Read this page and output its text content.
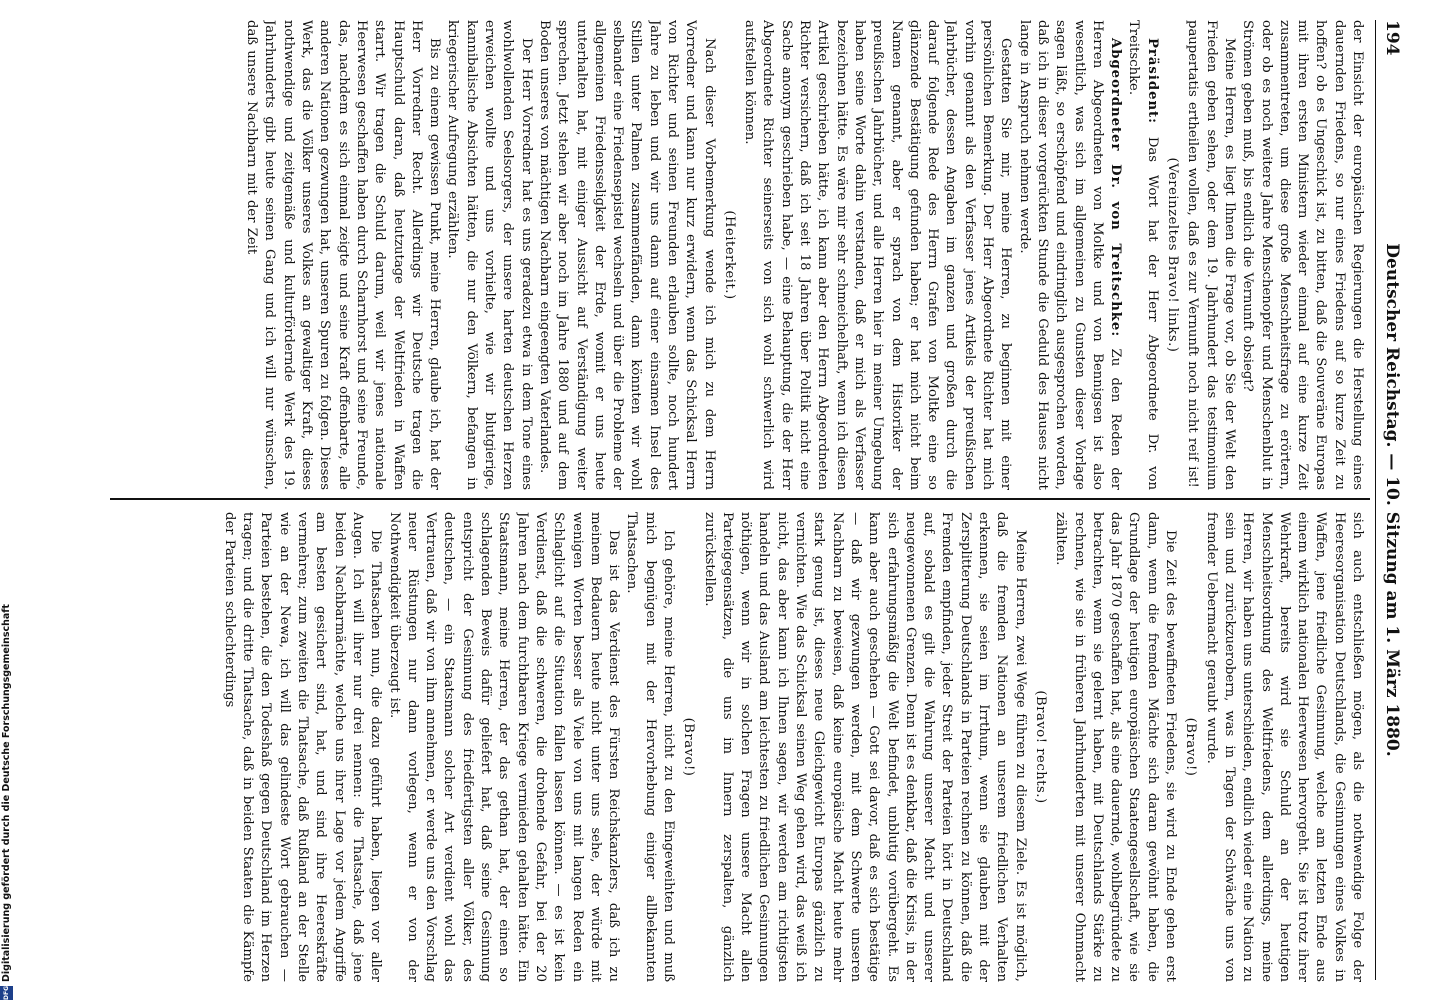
194
Deutscher Reichstag. — 10. Sitzung am 1. März 1880.

der Einsicht der europäischen Regierungen die Herstellung eines dauernden Friedens, so nur eines Friedens auf so kurze Zeit zu hoffen? ob es Ungeschick ist, zu bitten, daß die Souveräne Europas mit ihren ersten Ministern wieder einmal auf eine kurze Zeit zusammentreten, um diese große Menschheitsfrage zu erörtern, oder ob es noch weitere Jahre Menschenopfer und Menschenblut in Strömen geben muß, bis endlich die Vernunft obsiegt?

Meine Herren, es liegt Ihnen die Frage vor, ob Sie der Welt den Frieden geben sehen, oder dem 19. Jahrhundert das testimonium paupertatis ertheilen wollen, daß es zur Vernunft noch nicht reif ist!

(Vereinzeltes Bravo! links.)

Präsident: Das Wort hat der Herr Abgeordnete Dr. von Treitschke.

Abgeordneter Dr. von Treitschke: Zu den Reden der Herren Abgeordneten von Moltke und von Bennigsen ist also wesentlich, was sich im allgemeinen zu Gunsten dieser Vorlage sagen läßt, so erschöpfend und eindringlich ausgesprochen worden, daß ich in dieser vorgerückten Stunde die Geduld des Hauses nicht lange in Anspruch nehmen werde.

Gestatten Sie mir, meine Herren, zu beginnen mit einer persönlichen Bemerkung. Der Herr Abgeordnete Richter hat mich vorhin genannt als den Verfasser jenes Artikels der preußischen Jahrbücher, dessen Angaben im ganzen und großen durch die darauf folgende Rede des Herrn Grafen von Moltke eine so glänzende Bestätigung gefunden haben; er hat mich nicht beim Namen genannt, aber er sprach von dem Historiker der preußischen Jahrbücher, und alle Herren hier in meiner Umgebung haben seine Worte dahin verstanden, daß er mich als Verfasser bezeichnen hätte. Es wäre mir sehr schmeichelhaft, wenn ich diesen Artikel geschrieben hätte, ich kann aber den Herrn Abgeordneten Richter versichern, daß ich seit 18 Jahren über Politik nicht eine Sache anonym geschrieben habe, — eine Behauptung, die der Herr Abgeordnete Richter seinerseits von sich wohl schwerlich wird aufstellen können.

(Heiterkeit.)

Nach dieser Vorbemerkung wende ich mich zu dem Herrn Vorredner und kann nur kurz erwidern, wenn das Schicksal Herrn von Richter und seinen Freunden erlauben sollte, noch hundert Jahre zu leben und wir uns dann auf einer einsamen Insel des Stillen unter Palmen zusammenfänden, dann könnten wir wohl selbander eine Friedensepistel wechseln und über die Probleme der allgemeinen Friedensseligkeit der Erde, womit er uns heute unterhalten hat, mit einiger Aussicht auf Verständigung weiter sprechen. Jetzt stehen wir aber noch im Jahre 1880 und auf dem Boden unseres von mächtigen Nachbarn eingeengten Vaterlandes.

Der Herr Vorredner hat es uns geradezu etwa in dem Tone eines wohlwollenden Seelsorgers, der unsere harten deutschen Herzen erweichen wollte und uns vorhielte, wie wir blutgierige, kannibalische Absichten hätten, die nur den Völkern, befangen in kriegerischer Aufregung erzählten.

Bis zu einem gewissen Punkt, meine Herren, glaube ich, hat der Herr Vorredner Recht. Allerdings wir Deutsche tragen die Hauptschuld daran, daß heutzutage der Weltfrieden in Waffen starrt. Wir tragen die Schuld darum, weil wir jenes nationale Heerwesen geschaffen haben durch Scharnhorst und seine Freunde, das, nachdem es sich einmal zeigte und seine Kraft offenbarte, alle anderen Nationen gezwungen hat, unseren Spuren zu folgen. Dieses Werk, das die Völker unseres Volkes an gewaltiger Kraft, dieses nothwendige und zeitgemäße und kulturfördernde Werk des 19. Jahrhunderts gibt heute seinen Gang und ich will nur wünschen, daß unsere Nachbarn mit der Zeit

sich auch entschließen mögen, als die nothwendige Folge der Heeresorganisation Deutschlands, die Gesinnungen eines Volkes in Waffen, jene friedliche Gesinnung, welche am letzten Ende aus einem wirklich nationalen Heerwesen hervorgeht. Sie ist trotz ihrer Wehrkraft, bereits wird sie Schuld an der heutigen Menschheitsordnung des Weltfriedens, dem allerdings, meine Herren, wir haben uns unterschieden, endlich wieder eine Nation zu sein und zurückzuerobern, was in Tagen der Schwäche uns von fremder Uebermacht geraubt wurde.

(Bravo!)

Die Zeit des bewaffneten Friedens, sie wird zu Ende gehen erst dann, wenn die fremden Mächte sich daran gewöhnt haben, die Grundlage der heutigen europäischen Staatengesellschaft, wie sie das Jahr 1870 geschaffen hat, als eine dauernde, wohlbegründete zu betrachten, wenn sie gelernt haben, mit Deutschlands Stärke zu rechnen, wie sie in früheren Jahrhunderten mit unserer Ohnmacht zählten.

(Bravo! rechts.)

Meine Herren, zwei Wege führen zu diesem Ziele. Es ist möglich, daß die fremden Nationen an unserem friedlichen Verhalten erkennen, sie seien im Irrthum, wenn sie glauben mit der Zersplitterung Deutschlands in Parteien rechnen zu können, daß die Fremden empfinden, jeder Streit der Parteien hört in Deutschland auf, sobald es gilt die Wahrung unserer Macht und unserer neugewonnenen Grenzen. Denn ist es denkbar, daß die Krisis, in der sich erfahrungsmäßig die Welt befindet, unblutig vorübergeht. Es kann aber auch geschehen — Gott sei davor, daß es sich bestätige — daß wir gezwungen werden, mit dem Schwerte unseren Nachbarn zu beweisen, daß keine europäische Macht heute mehr stark genug ist, dieses neue Gleichgewicht Europas gänzlich zu vernichten. Wie das Schicksal seinen Weg gehen wird, das weiß ich nicht, das aber kann ich Ihnen sagen, wir werden am richtigsten handeln und das Ausland am leichtesten zu friedlichen Gesinnungen nöthigen, wenn wir in solchen Fragen unsere Macht allen Parteigegensätzen, die uns im Innern zerspalten, gänzlich zurückstellen.

(Bravo!)

Ich gehöre, meine Herren, nicht zu den Eingeweihten und muß mich begnügen mit der Hervorhebung einiger allbekannten Thatsachen.

Das ist das Verdienst des Fürsten Reichskanzlers, daß ich zu meinem Bedauern heute nicht unter uns sehe, der würde mit wenigen Worten besser als Viele von uns mit langen Reden ein Schlaglicht auf die Situation fallen lassen können. — es ist kein Verdienst, daß die schweren, die drohende Gefahr, bei der 20 Jahren nach dem furchtbaren Kriege vermieden gehalten hätte. Ein Staatsmann, meine Herren, der das gethan hat, der einen so schlagenden Beweis dafür geliefert hat, daß seine Gesinnung entspricht der Gesinnung des friedfertigsten aller Völker, des deutschen, — ein Staatsmann solcher Art verdient wohl das Vertrauen, daß wir von ihm annehmen, er werde uns den Vorschlag neuer Rüstungen nur dann vorlegen, wenn er von der Nothwendigkeit überzeugt ist.

Die Thatsachen nun, die dazu geführt haben, liegen vor aller Augen. Ich will ihrer nur drei nennen: die Thatsache, daß jene beiden Nachbarmächte, welche uns ihrer Lage vor jedem Angriffe am besten gesichert sind, hat, und sind ihre Heereskräfte vermehren; zum zweiten die Thatsache, daß Rußland an der Stelle wie an der Newa, ich will das gelindeste Wort gebrauchen — Parteien bestehen, die den Todeshaß gegen Deutschland im Herzen tragen; und die dritte Thatsache, daß in beiden Staaten die Kämpfe der Parteien schlechterdings

DFG
Digitalisierung gefördert durch die Deutsche Forschungsgemeinschaft
